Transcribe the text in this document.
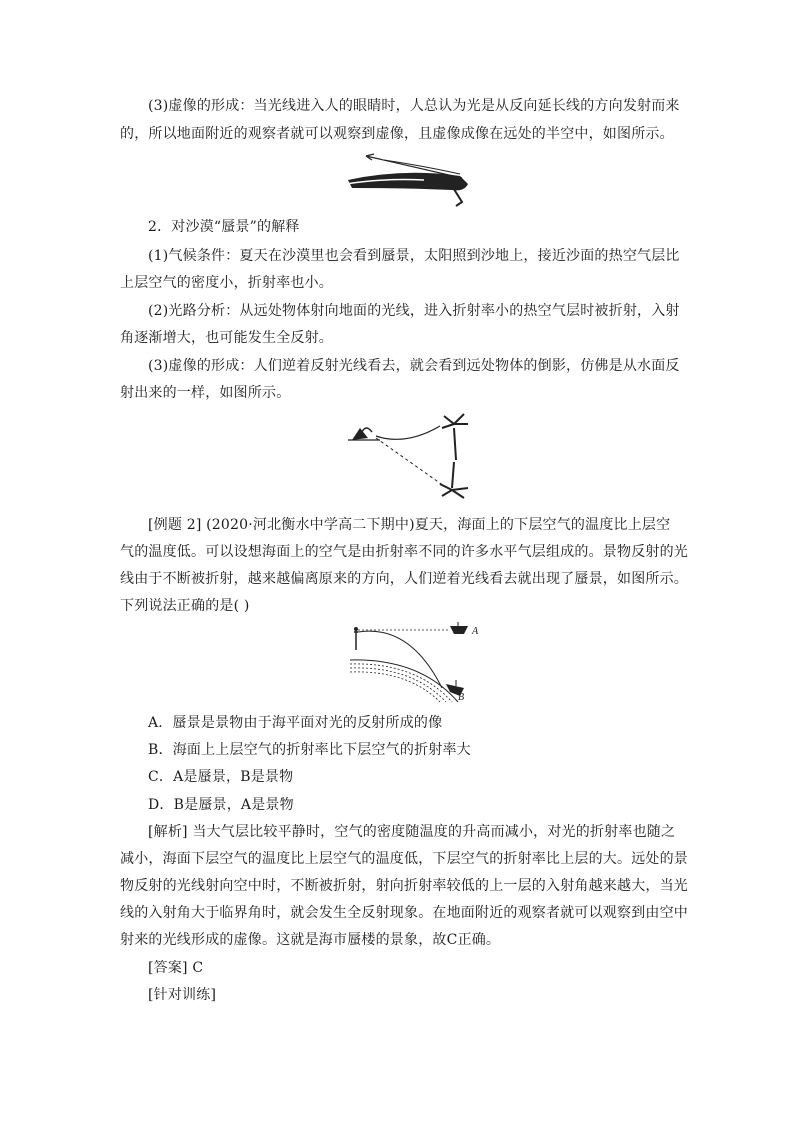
(3)虚像的形成：当光线进入人的眼睛时，人总认为光是从反向延长线的方向发射而来
的，所以地面附近的观察者就可以观察到虚像，且虚像成像在远处的半空中，如图所示。
2．对沙漠“蜃景”的解释
(1)气候条件：夏天在沙漠里也会看到蜃景，太阳照到沙地上，接近沙面的热空气层比
上层空气的密度小，折射率也小。
(2)光路分析：从远处物体射向地面的光线，进入折射率小的热空气层时被折射，入射
角逐渐增大，也可能发生全反射。
(3)虚像的形成：人们逆着反射光线看去，就会看到远处物体的倒影，仿佛是从水面反
射出来的一样，如图所示。
[例题 2] (2020·河北衡水中学高二下期中)夏天，海面上的下层空气的温度比上层空
气的温度低。可以设想海面上的空气是由折射率不同的许多水平气层组成的。景物反射的光
线由于不断被折射，越来越偏离原来的方向，人们逆着光线看去就出现了蜃景，如图所示。
下列说法正确的是( )
A
B
A．蜃景是景物由于海平面对光的反射所成的像
B．海面上上层空气的折射率比下层空气的折射率大
C．A是蜃景，B是景物
D．B是蜃景，A是景物
[解析] 当大气层比较平静时，空气的密度随温度的升高而减小，对光的折射率也随之
减小，海面下层空气的温度比上层空气的温度低，下层空气的折射率比上层的大。远处的景
物反射的光线射向空中时，不断被折射，射向折射率较低的上一层的入射角越来越大，当光
线的入射角大于临界角时，就会发生全反射现象。在地面附近的观察者就可以观察到由空中
射来的光线形成的虚像。这就是海市蜃楼的景象，故C正确。
[答案] C
[针对训练]
